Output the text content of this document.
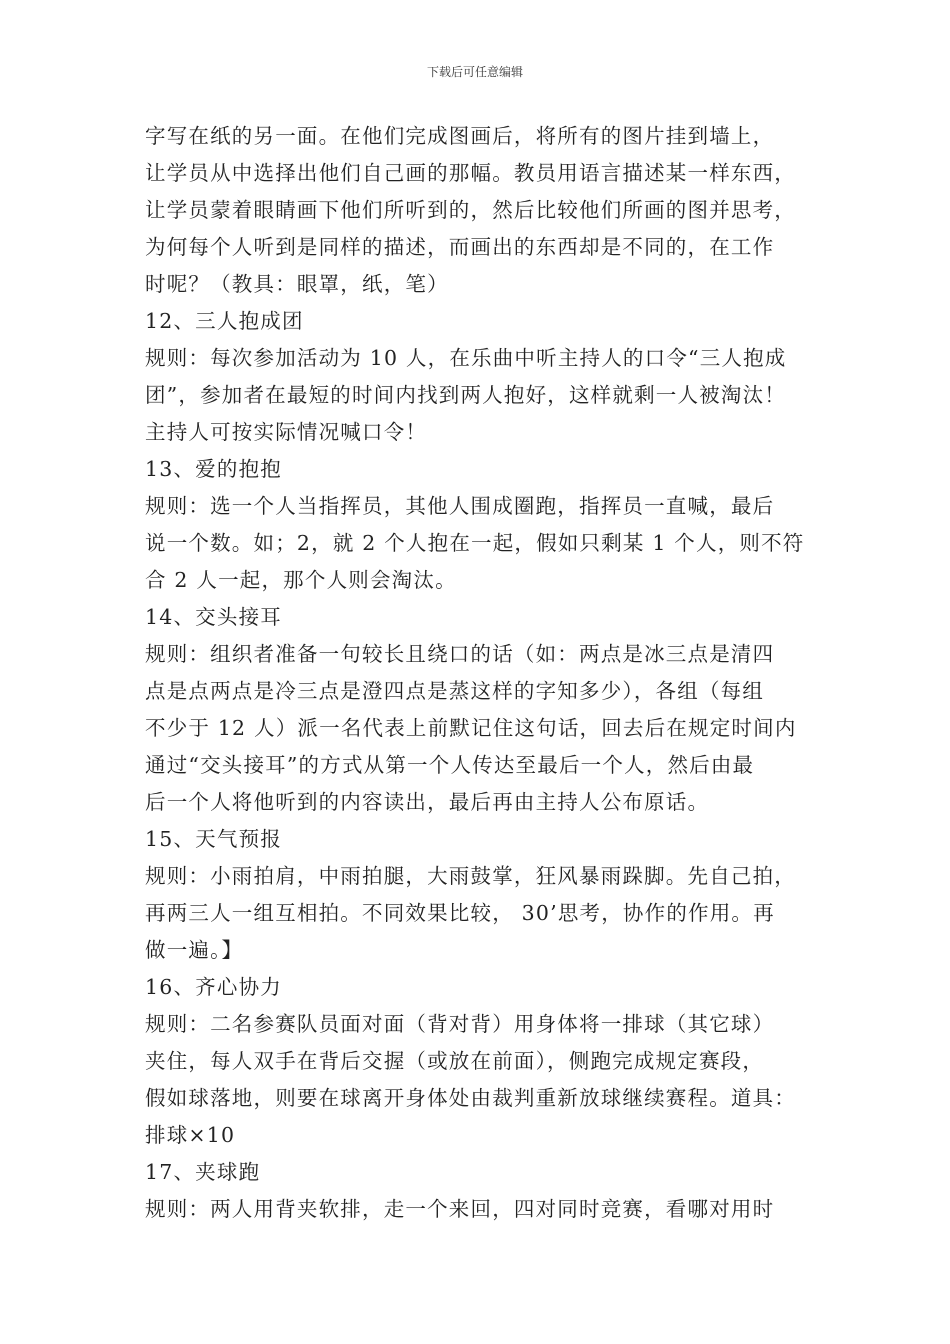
下载后可任意编辑
字写在纸的另一面。在他们完成图画后，将所有的图片挂到墙上，
让学员从中选择出他们自己画的那幅。教员用语言描述某一样东西，
让学员蒙着眼睛画下他们所听到的，然后比较他们所画的图并思考，
为何每个人听到是同样的描述，而画出的东西却是不同的，在工作
时呢？（教具：眼罩，纸，笔）
12、三人抱成团
规则：每次参加活动为 10 人，在乐曲中听主持人的口令“三人抱成
团”，参加者在最短的时间内找到两人抱好，这样就剩一人被淘汰！
主持人可按实际情况喊口令！
13、爱的抱抱
规则：选一个人当指挥员，其他人围成圈跑，指挥员一直喊，最后
说一个数。如；2，就 2 个人抱在一起，假如只剩某 1 个人，则不符
合 2 人一起，那个人则会淘汰。
14、交头接耳
规则：组织者准备一句较长且绕口的话（如：两点是冰三点是清四
点是点两点是冷三点是澄四点是蒸这样的字知多少），各组（每组
不少于 12 人）派一名代表上前默记住这句话，回去后在规定时间内
通过“交头接耳”的方式从第一个人传达至最后一个人，然后由最
后一个人将他听到的内容读出，最后再由主持人公布原话。
15、天气预报
规则：小雨拍肩，中雨拍腿，大雨鼓掌，狂风暴雨跺脚。先自己拍，
再两三人一组互相拍。不同效果比较， 30’思考，协作的作用。再
做一遍。】
16、齐心协力
规则：二名参赛队员面对面（背对背）用身体将一排球（其它球）
夹住，每人双手在背后交握（或放在前面），侧跑完成规定赛段，
假如球落地，则要在球离开身体处由裁判重新放球继续赛程。道具：
排球×10
17、夹球跑
规则：两人用背夹软排，走一个来回，四对同时竞赛，看哪对用时
